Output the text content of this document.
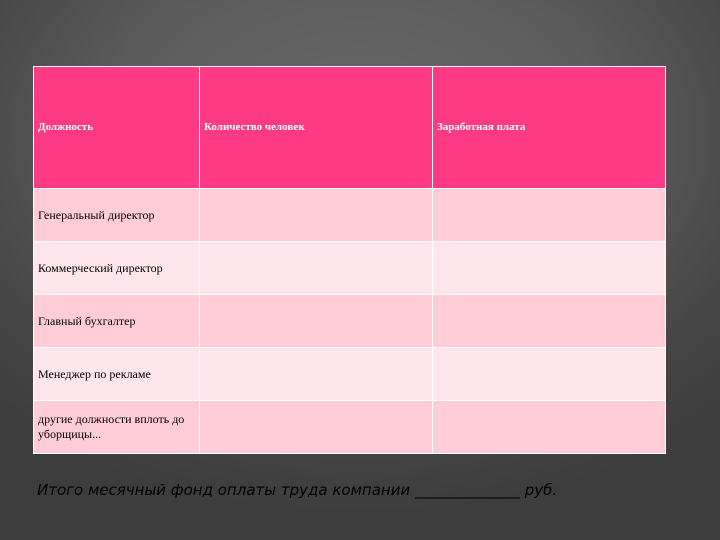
Должность	Количество человек	Заработная плата
Генеральный директор		
Коммерческий директор		
Главный бухгалтер		
Менеджер по рекламе		
другие должности вплоть до уборщицы...		
Итого месячный фонд оплаты труда компании ______________ руб.
